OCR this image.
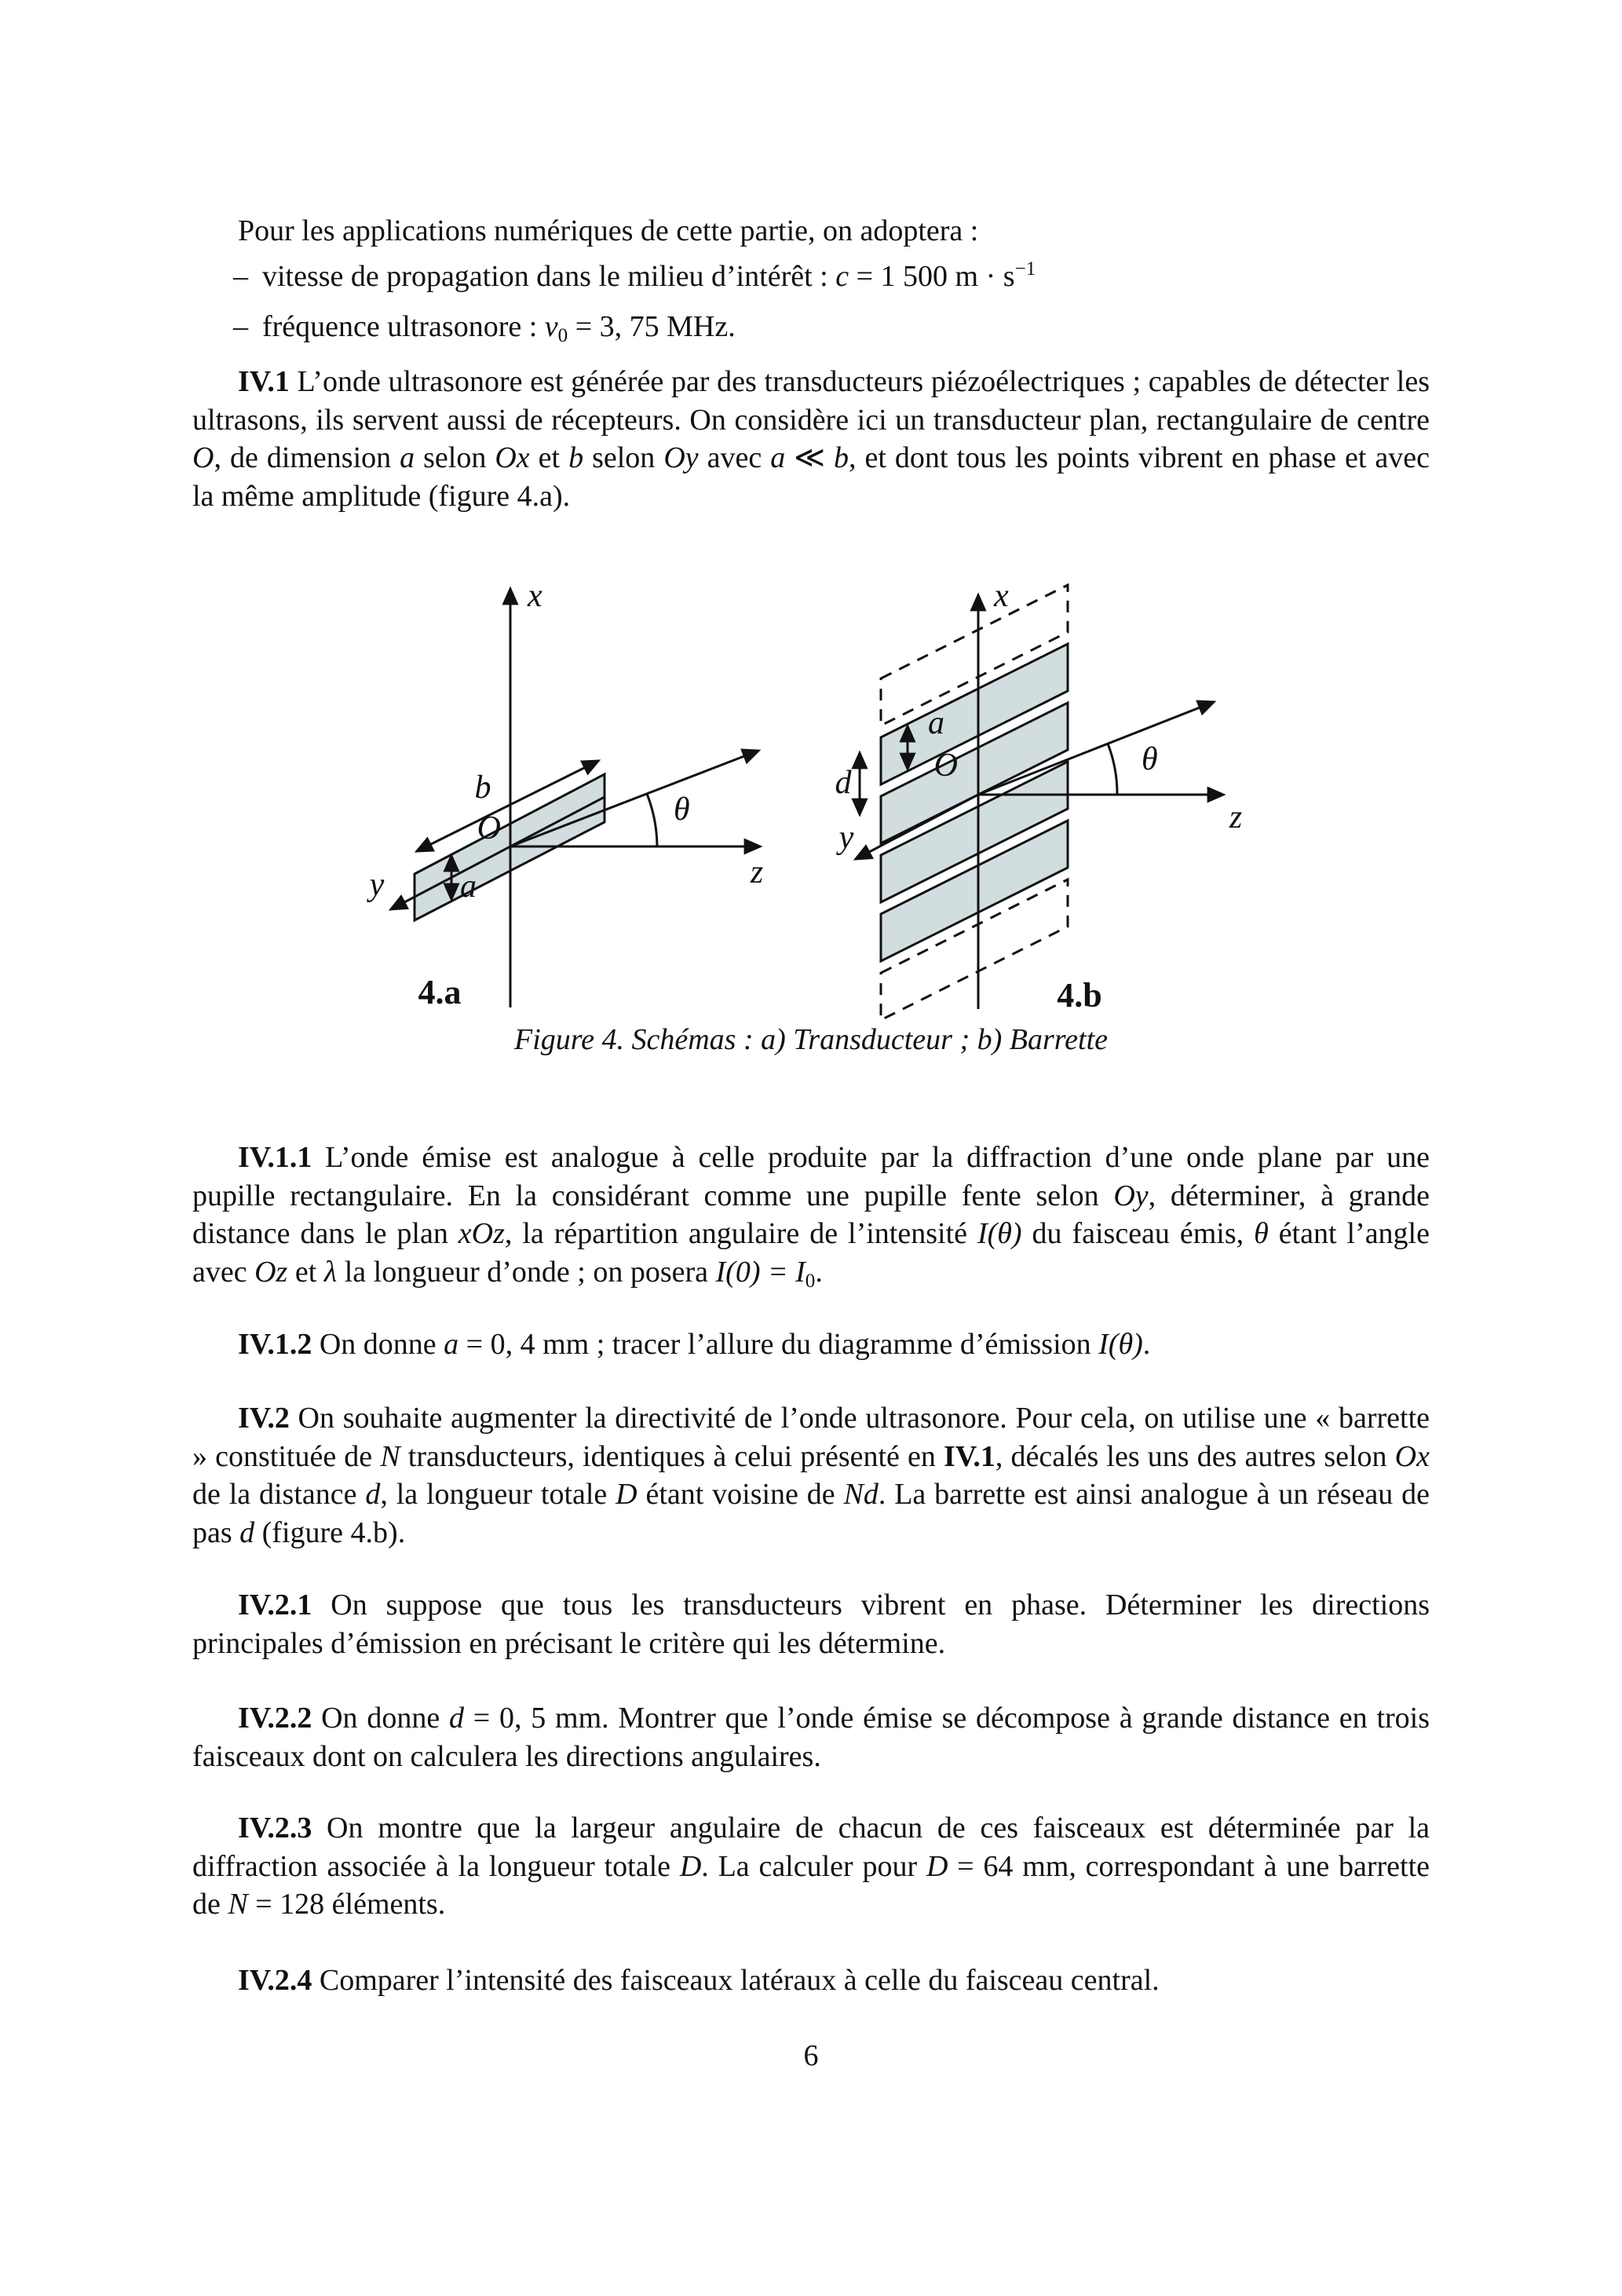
Pour les applications numériques de cette partie, on adoptera :

– vitesse de propagation dans le milieu d’intérêt : c = 1 500 $m \cdot s^{-1}$
– fréquence ultrasonore : ν0 = 3, 75 MHz.

IV.1 L’onde ultrasonore est générée par des transducteurs piézoélectriques ; capables de détecter les ultrasons, ils servent aussi de récepteurs. On considère ici un transducteur plan, rectangulaire de centre O, de dimension a selon Ox et b selon Oy avec a ≪ b, et dont tous les points vibrent en phase et avec la même amplitude (figure 4.a).

x
z
y
b
a
O
θ
4.a
x
z
y
d
a
O	θ
4.b

Figure 4. Schémas : a) Transducteur ; b) Barrette

IV.1.1 L’onde émise est analogue à celle produite par la diffraction d’une onde plane par une pupille rectangulaire. En la considérant comme une pupille fente selon Oy, déterminer, à grande distance dans le plan xOz, la répartition angulaire de l’intensité I(θ) du faisceau émis, θ étant l’angle avec Oz et λ la longueur d’onde ; on posera I(0) = I0.

IV.1.2 On donne a = 0, 4 mm ; tracer l’allure du diagramme d’émission I(θ).

IV.2 On souhaite augmenter la directivité de l’onde ultrasonore. Pour cela, on utilise une « barrette » constituée de N transducteurs, identiques à celui présenté en IV.1, décalés les uns des autres selon Ox de la distance d, la longueur totale D étant voisine de Nd. La barrette est ainsi analogue à un réseau de pas d (figure 4.b).

IV.2.1 On suppose que tous les transducteurs vibrent en phase. Déterminer les directions principales d’émission en précisant le critère qui les détermine.

IV.2.2 On donne d = 0, 5 mm. Montrer que l’onde émise se décompose à grande distance en trois faisceaux dont on calculera les directions angulaires.

IV.2.3 On montre que la largeur angulaire de chacun de ces faisceaux est déterminée par la diffraction associée à la longueur totale D. La calculer pour D = 64 mm, correspondant à une barrette de N = 128 éléments.

IV.2.4 Comparer l’intensité des faisceaux latéraux à celle du faisceau central.

6
